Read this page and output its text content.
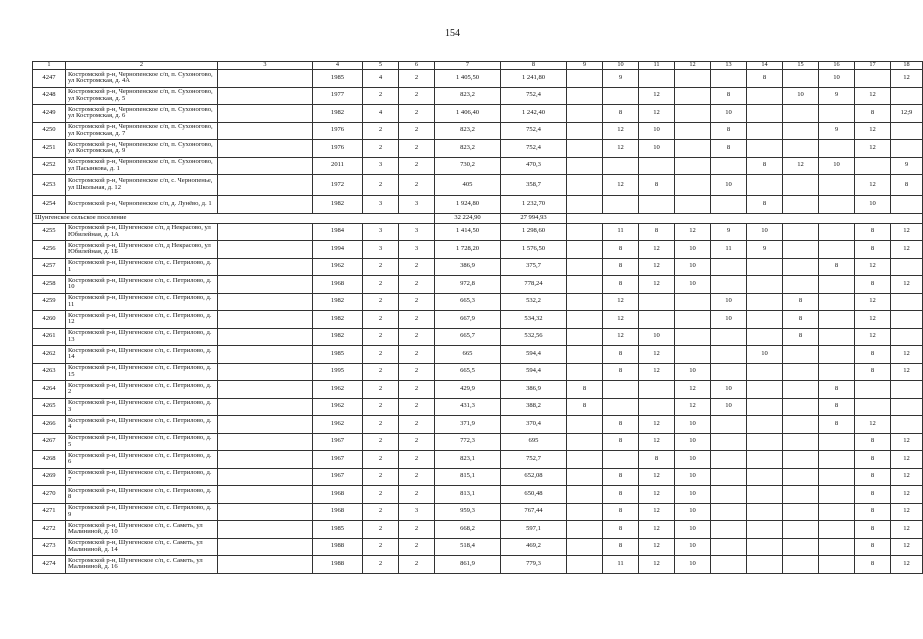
154
1	2	3	4	5	6	7	8	9	10	11	12	13	14	15	16	17	18
4247	Костромской р-н, Чернопенское с/п, п. Сухоногово, ул Костромская, д. 4А		1985	4	2	1 405,50	1 241,80		9				8		10		12
4248	Костромской р-н, Чернопенское с/п, п. Сухоногово, ул Костромская, д. 5		1977	2	2	823,2	752,4			12		8		10	9	12	
4249	Костромской р-н, Чернопенское с/п, п. Сухоногово, ул Костромская, д. 6		1982	4	2	1 406,40	1 242,40		8	12		10				8	12;9
4250	Костромской р-н, Чернопенское с/п, п. Сухоногово, ул Костромская, д. 7		1976	2	2	823,2	752,4		12	10		8			9	12	
4251	Костромской р-н, Чернопенское с/п, п. Сухоногово, ул Костромская, д. 9		1976	2	2	823,2	752,4		12	10		8				12	
4252	Костромской р-н, Чернопенское с/п, п. Сухоногово, ул Пасынкова, д. 1		2011	3	2	730,2	470,3						8	12	10		9
4253	Костромской р-н, Чернопенское с/п, с. Чернопенье, ул Школьная, д. 12		1972	2	2	405	358,7		12	8		10				12	8
4254	Костромской р-н, Чернопенское с/п, д. Лунёво, д. 1		1982	3	3	1 924,80	1 232,70						8			10	
Шунгенское сельское поселение						32 224,90	27 994,93										
4255	Костромской р-н, Шунгенское с/п, д Некрасово, ул Юбилейная, д. 1А		1984	3	3	1 414,50	1 298,60		11	8	12	9	10			8	12
4256	Костромской р-н, Шунгенское с/п, д Некрасово, ул Юбилейная, д. 1Б		1994	3	3	1 728,20	1 576,50		8	12	10	11	9			8	12
4257	Костромской р-н, Шунгенское с/п, с. Петрилово, д. 1		1962	2	2	386,9	375,7		8	12	10				8	12	
4258	Костромской р-н, Шунгенское с/п, с. Петрилово, д. 10		1968	2	2	972,8	778,24		8	12	10					8	12
4259	Костромской р-н, Шунгенское с/п, с. Петрилово, д. 11		1982	2	2	665,3	532,2		12			10		8		12	
4260	Костромской р-н, Шунгенское с/п, с. Петрилово, д. 12		1982	2	2	667,9	534,32		12			10		8		12	
4261	Костромской р-н, Шунгенское с/п, с. Петрилово, д. 13		1982	2	2	665,7	532,56		12	10				8		12	
4262	Костромской р-н, Шунгенское с/п, с. Петрилово, д. 14		1985	2	2	665	594,4		8	12			10			8	12
4263	Костромской р-н, Шунгенское с/п, с. Петрилово, д. 15		1995	2	2	665,5	594,4		8	12	10					8	12
4264	Костромской р-н, Шунгенское с/п, с. Петрилово, д. 2		1962	2	2	429,9	386,9	8			12	10			8		
4265	Костромской р-н, Шунгенское с/п, с. Петрилово, д. 3		1962	2	2	431,3	388,2	8			12	10			8		
4266	Костромской р-н, Шунгенское с/п, с. Петрилово, д. 4		1962	2	2	371,9	370,4		8	12	10				8	12	
4267	Костромской р-н, Шунгенское с/п, с. Петрилово, д. 5		1967	2	2	772,3	695		8	12	10					8	12
4268	Костромской р-н, Шунгенское с/п, с. Петрилово, д. 6		1967	2	2	823,1	752,7			8	10					8	12
4269	Костромской р-н, Шунгенское с/п, с. Петрилово, д. 7		1967	2	2	815,1	652,08		8	12	10					8	12
4270	Костромской р-н, Шунгенское с/п, с. Петрилово, д. 8		1968	2	2	813,1	650,48		8	12	10					8	12
4271	Костромской р-н, Шунгенское с/п, с. Петрилово, д. 9		1968	2	3	959,3	767,44		8	12	10					8	12
4272	Костромской р-н, Шунгенское с/п, с. Саметь, ул Малининой, д. 10		1985	2	2	668,2	597,1		8	12	10					8	12
4273	Костромской р-н, Шунгенское с/п, с. Саметь, ул Малининой, д. 14		1988	2	2	518,4	469,2		8	12	10					8	12
4274	Костромской р-н, Шунгенское с/п, с. Саметь, ул Малининой, д. 16		1988	2	2	861,9	779,3		11	12	10					8	12
